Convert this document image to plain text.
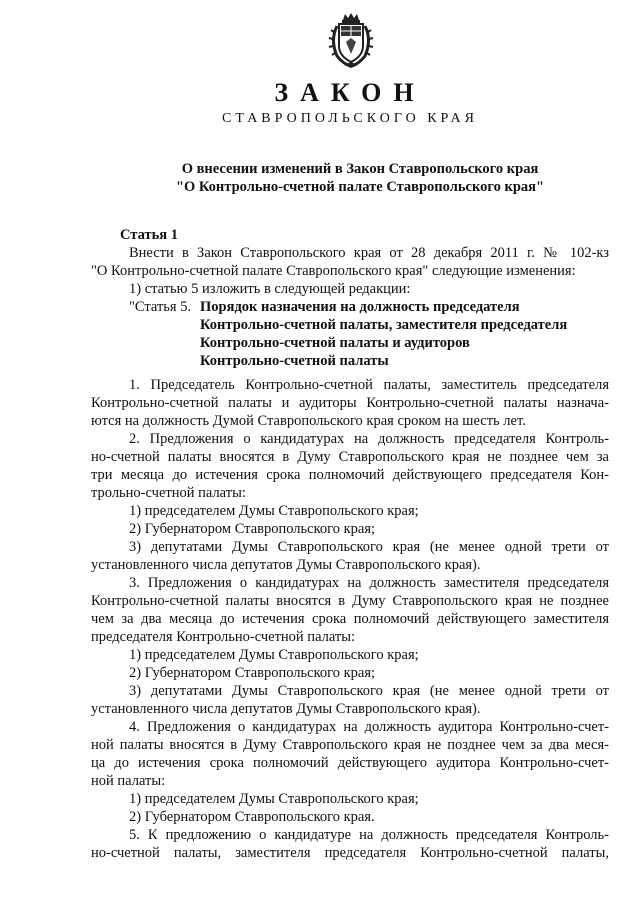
ЗАКОН
СТАВРОПОЛЬСКОГО КРАЯ
О внесении изменений в Закон Ставропольского края
"О Контрольно-счетной палате Ставропольского края"
Статья 1
Внести в Закон Ставропольского края от 28 декабря 2011 г. № 102-кз
"О Контрольно-счетной палате Ставропольского края" следующие изменения:
1) статью 5 изложить в следующей редакции:
"Статья 5. Порядок назначения на должность председателя
Контрольно-счетной палаты, заместителя председателя
Контрольно-счетной палаты и аудиторов
Контрольно-счетной палаты
1. Председатель Контрольно-счетной палаты, заместитель председателя
Контрольно-счетной палаты и аудиторы Контрольно-счетной палаты назнача-
ются на должность Думой Ставропольского края сроком на шесть лет.
2. Предложения о кандидатурах на должность председателя Контроль-
но-счетной палаты вносятся в Думу Ставропольского края не позднее чем за
три месяца до истечения срока полномочий действующего председателя Кон-
трольно-счетной палаты:
1) председателем Думы Ставропольского края;
2) Губернатором Ставропольского края;
3) депутатами Думы Ставропольского края (не менее одной трети от
установленного числа депутатов Думы Ставропольского края).
3. Предложения о кандидатурах на должность заместителя председателя
Контрольно-счетной палаты вносятся в Думу Ставропольского края не позднее
чем за два месяца до истечения срока полномочий действующего заместителя
председателя Контрольно-счетной палаты:
1) председателем Думы Ставропольского края;
2) Губернатором Ставропольского края;
3) депутатами Думы Ставропольского края (не менее одной трети от
установленного числа депутатов Думы Ставропольского края).
4. Предложения о кандидатурах на должность аудитора Контрольно-счет-
ной палаты вносятся в Думу Ставропольского края не позднее чем за два меся-
ца до истечения срока полномочий действующего аудитора Контрольно-счет-
ной палаты:
1) председателем Думы Ставропольского края;
2) Губернатором Ставропольского края.
5. К предложению о кандидатуре на должность председателя Контроль-
но-счетной палаты, заместителя председателя Контрольно-счетной палаты,
